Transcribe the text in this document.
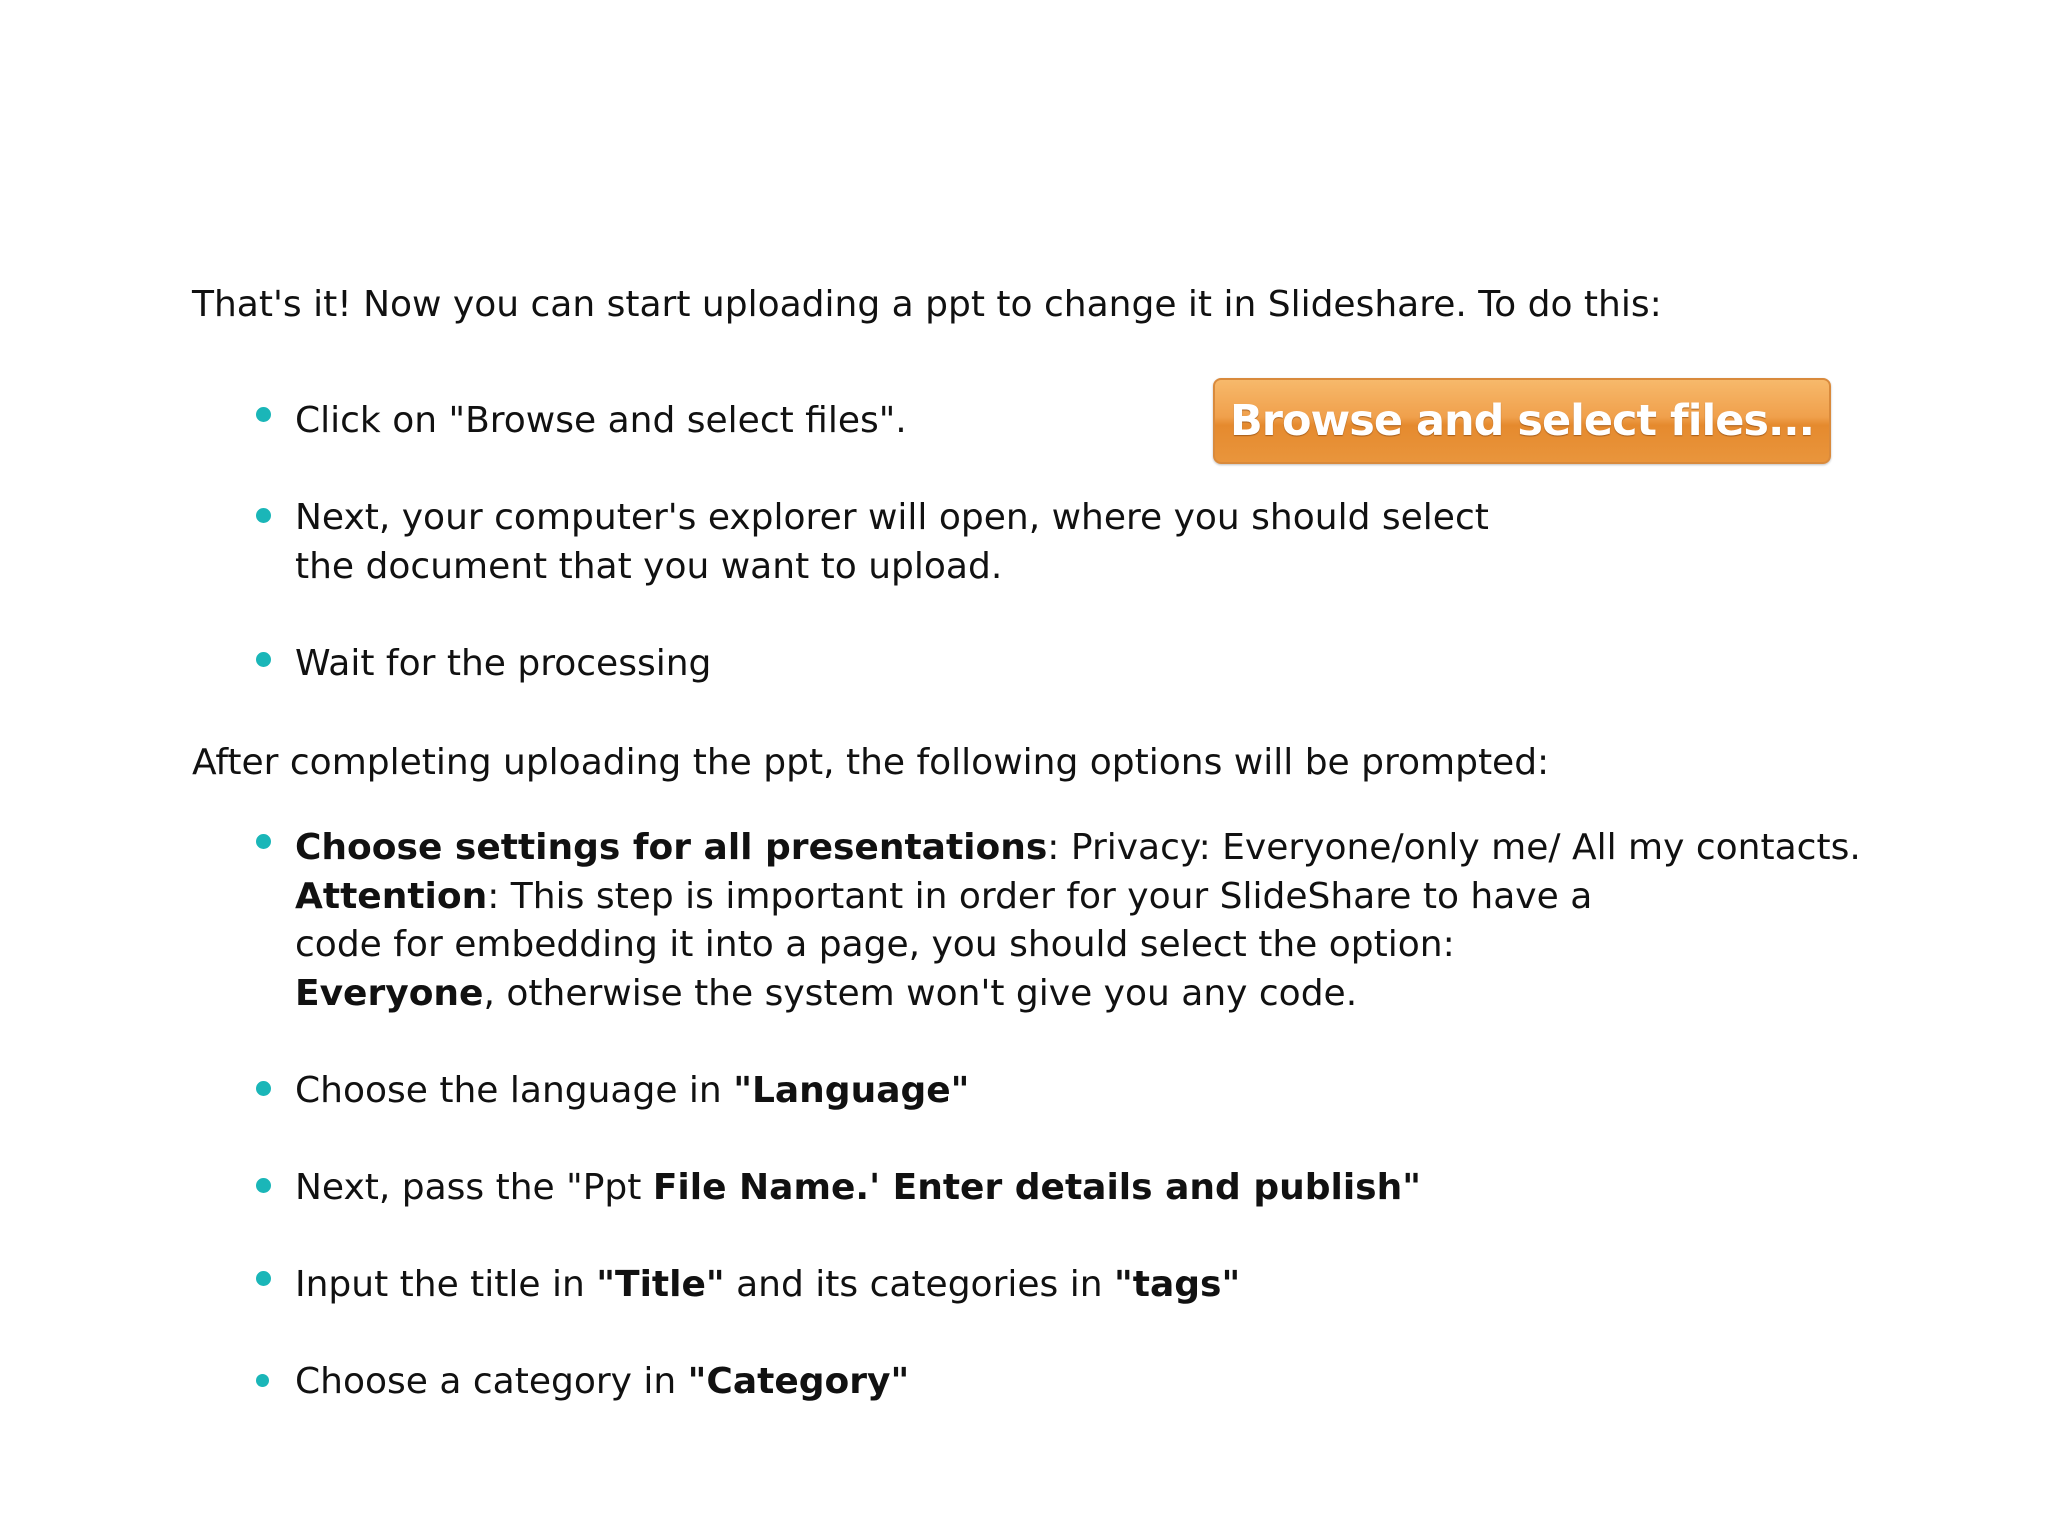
That's it! Now you can start uploading a ppt to change it in Slideshare. To do this:

Click on "Browse and select files".	Browse and select files...

Next, your computer's explorer will open, where you should select

the document that you want to upload.

Wait for the processing

After completing uploading the ppt, the following options will be prompted:

Choose settings for all presentations: Privacy: Everyone/only me/ All my contacts.

Attention: This step is important in order for your SlideShare to have a

code for embedding it into a page, you should select the option:

Everyone, otherwise the system won't give you any code.

Choose the language in "Language"

Next, pass the "Ppt File Name.' Enter details and publish"

Input the title in "Title" and its categories in "tags"

Choose a category in "Category"
